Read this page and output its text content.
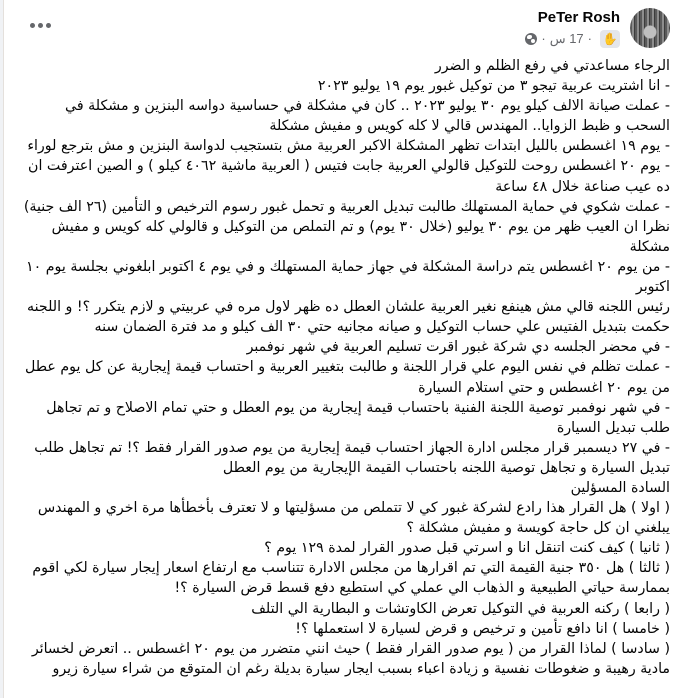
PeTer Rosh
· 17 س · ✋
الرجاء مساعدتي في رفع الظلم و الضرر
- انا اشتريت عربية تيجو ٣ من توكيل غبور يوم ١٩ يوليو ٢٠٢٣
- عملت صيانة الالف كيلو يوم ٣٠ يوليو ٢٠٢٣ .. كان في مشكلة في حساسية دواسه البنزين و مشكلة في السحب و ظبط الزوايا.. المهندس قالي لا كله كويس و مفيش مشكلة
- يوم ١٩ اغسطس بالليل ابتدات تظهر المشكلة الاكبر العربية مش بتستجيب لدواسة البنزين و مش بترجع لوراء
- يوم ٢٠ اغسطس روحت للتوكيل قالولي العربية جابت فتيس ( العربية ماشية ٤٠٦٢ كيلو ) و الصين اعترفت ان ده عيب صناعة خلال ٤٨ ساعة
- عملت شكوي في حماية المستهلك طالبت تبديل العربية و تحمل غبور رسوم الترخيص و التأمين (٢٦ الف جنية) نظرا ان العيب ظهر من يوم ٣٠ يوليو (خلال ٣٠ يوم) و تم التملص من التوكيل و قالولي كله كويس و مفيش مشكلة
- من يوم ٢٠ اغسطس يتم دراسة المشكلة في جهاز حماية المستهلك و في يوم ٤ اكتوبر ابلغوني بجلسة يوم ١٠ اكتوبر
رئيس اللجنه قالي مش هينفع نغير العربية علشان العطل ده ظهر لاول مره في عربيتي و لازم يتكرر ؟! و اللجنه حكمت بتبديل الفتيس علي حساب التوكيل و صيانه مجانيه حتي ٣٠ الف كيلو و مد فترة الضمان سنه
- في محضر الجلسه دي شركة غبور اقرت تسليم العربية في شهر نوفمبر
- عملت تظلم في نفس اليوم علي قرار اللجنة و طالبت بتغيير العربية و احتساب قيمة إيجارية عن كل يوم عطل من يوم ٢٠ اغسطس و حتي استلام السيارة
- في شهر نوفمبر توصية اللجنة الفنية باحتساب قيمة إيجارية من يوم العطل و حتي تمام الاصلاح و تم تجاهل طلب تبديل السيارة
- في ٢٧ ديسمبر قرار مجلس ادارة الجهاز احتساب قيمة إيجارية من يوم صدور القرار فقط ؟! تم تجاهل طلب تبديل السيارة و تجاهل توصية اللجنه باحتساب القيمة الإيجارية من يوم العطل
السادة المسؤلين
( اولا ) هل القرار هذا رادع لشركة غبور كي لا تتملص من مسؤليتها و لا تعترف بأخطأها مرة اخري و المهندس يبلغني ان كل حاجة كويسة و مفيش مشكلة ؟
( ثانيا ) كيف كنت اتنقل انا و اسرتي قبل صدور القرار لمدة ١٢٩ يوم ؟
( ثالثا ) هل ٣٥٠ جنية القيمة التي تم اقرارها من مجلس الادارة تتناسب مع ارتفاع اسعار إيجار سيارة لكي اقوم بممارسة حياتي الطبيعية و الذهاب الي عملي كي استطيع دفع قسط قرض السيارة ؟!
( رابعا ) ركنه العربية في التوكيل تعرض الكاوتشات و البطارية الي التلف
( خامسا ) انا دافع تأمين و ترخيص و قرض لسيارة لا استعملها ؟!
( سادسا ) لماذا القرار من ( يوم صدور القرار فقط ) حيث انني متضرر من يوم ٢٠ اغسطس .. اتعرض لخسائر مادية رهيبة و ضغوطات نفسية و زيادة اعباء بسبب ايجار سيارة بديلة رغم ان المتوقع من شراء سيارة زيرو
